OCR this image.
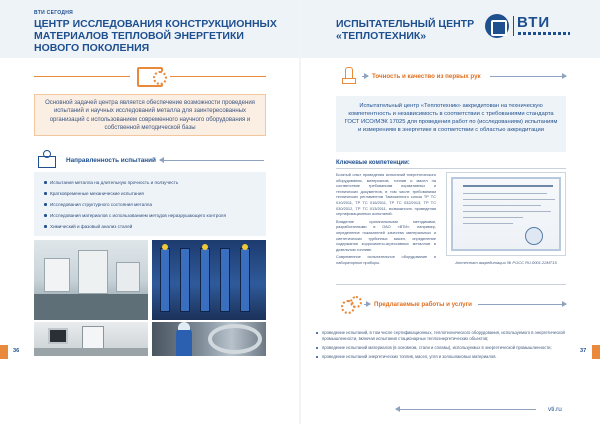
ВТИ СЕГОДНЯ
ЦЕНТР ИССЛЕДОВАНИЯ КОНСТРУКЦИОННЫХ МАТЕРИАЛОВ ТЕПЛОВОЙ ЭНЕРГЕТИКИ НОВОГО ПОКОЛЕНИЯ
Основной задачей центра является обеспечение возможности проведения испытаний и научных исследований металла для заинтересованных организаций с использованием современного научного оборудования и собственной методической базы
Направленность испытаний
Испытания металла на длительную прочность и ползучесть
Кратковременные механические испытания
Исследования структурного состояния металла
Исследования материалов с использованием методов неразрушающего контроля
Химический и фазовый анализ сталей
36
ИСПЫТАТЕЛЬНЫЙ ЦЕНТР «ТЕПЛОТЕХНИК»
ВТИ
Точность и качество из первых рук
Испытательный центр «Теплотехник» аккредитован на техническую компетентность и независимость в соответствии с требованиями стандарта ГОСТ ИСО/МЭК 17025 для проведения работ по (исследованиям) испытаниям и измерениям в энергетике в соответствии с областью аккредитации
Ключевые компетенции:

Богатый опыт проведения испытаний энергетического оборудования, материалов, топлив и масел на соответствие требованиям нормативных и технических документов, в том числе требованиям технических регламентов Таможенного союза ТР ТС 010/2011, ТР ТС 016/2011, ТР ТС 032/2013, ТР ТС 030/2012, ТР ТС 013/2011, возможность проведения сертификационных испытаний.

Владение оригинальными методиками, разработанными в ОАО «ВТИ», например, определение показателей качества минеральных и синтетических турбинных масел, определение содержания коррозионно-агрессивных металлов в дизельном топливе.

Современное испытательное оборудование и лабораторные приборы.	Аттестат аккредитации № РОСС RU.0001.22МТ15
Предлагаемые работы и услуги
проведение испытаний, в том числе сертификационных, теплотехнического оборудования, используемого в энергетической промышленности, включая испытания стационарных теплоэнергетических объектов;
проведение испытаний материалов (в основном, стали и сплавы), используемых в энергетической промышленности;
проведение испытаний энергетических топлив, масел, угля и золошлаковых материалов.
37
vti.ru
